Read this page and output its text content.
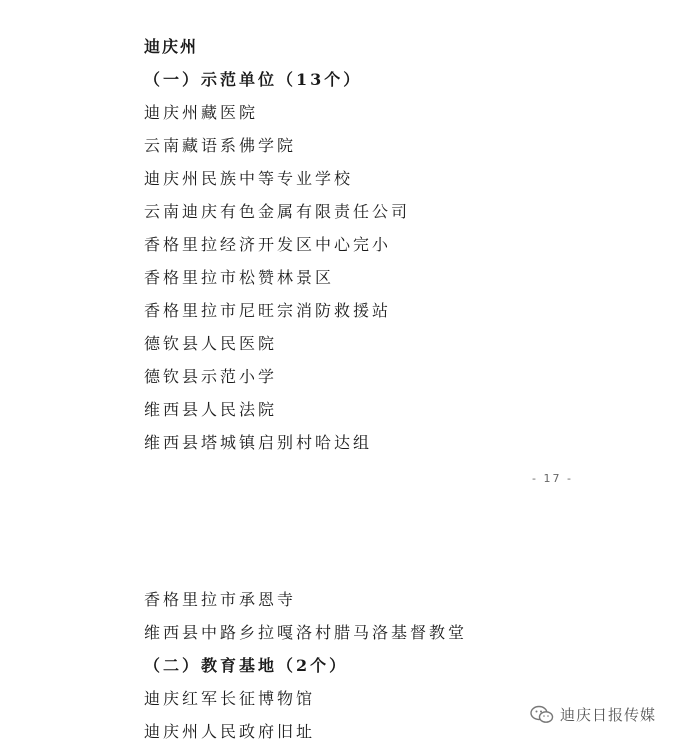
迪庆州
（一）示范单位（13个）
迪庆州藏医院
云南藏语系佛学院
迪庆州民族中等专业学校
云南迪庆有色金属有限责任公司
香格里拉经济开发区中心完小
香格里拉市松赞林景区
香格里拉市尼旺宗消防救援站
德钦县人民医院
德钦县示范小学
维西县人民法院
维西县塔城镇启别村哈达组
- 17 -
香格里拉市承恩寺
维西县中路乡拉嘎洛村腊马洛基督教堂
（二）教育基地（2个）
迪庆红军长征博物馆
迪庆州人民政府旧址
迪庆日报传媒
